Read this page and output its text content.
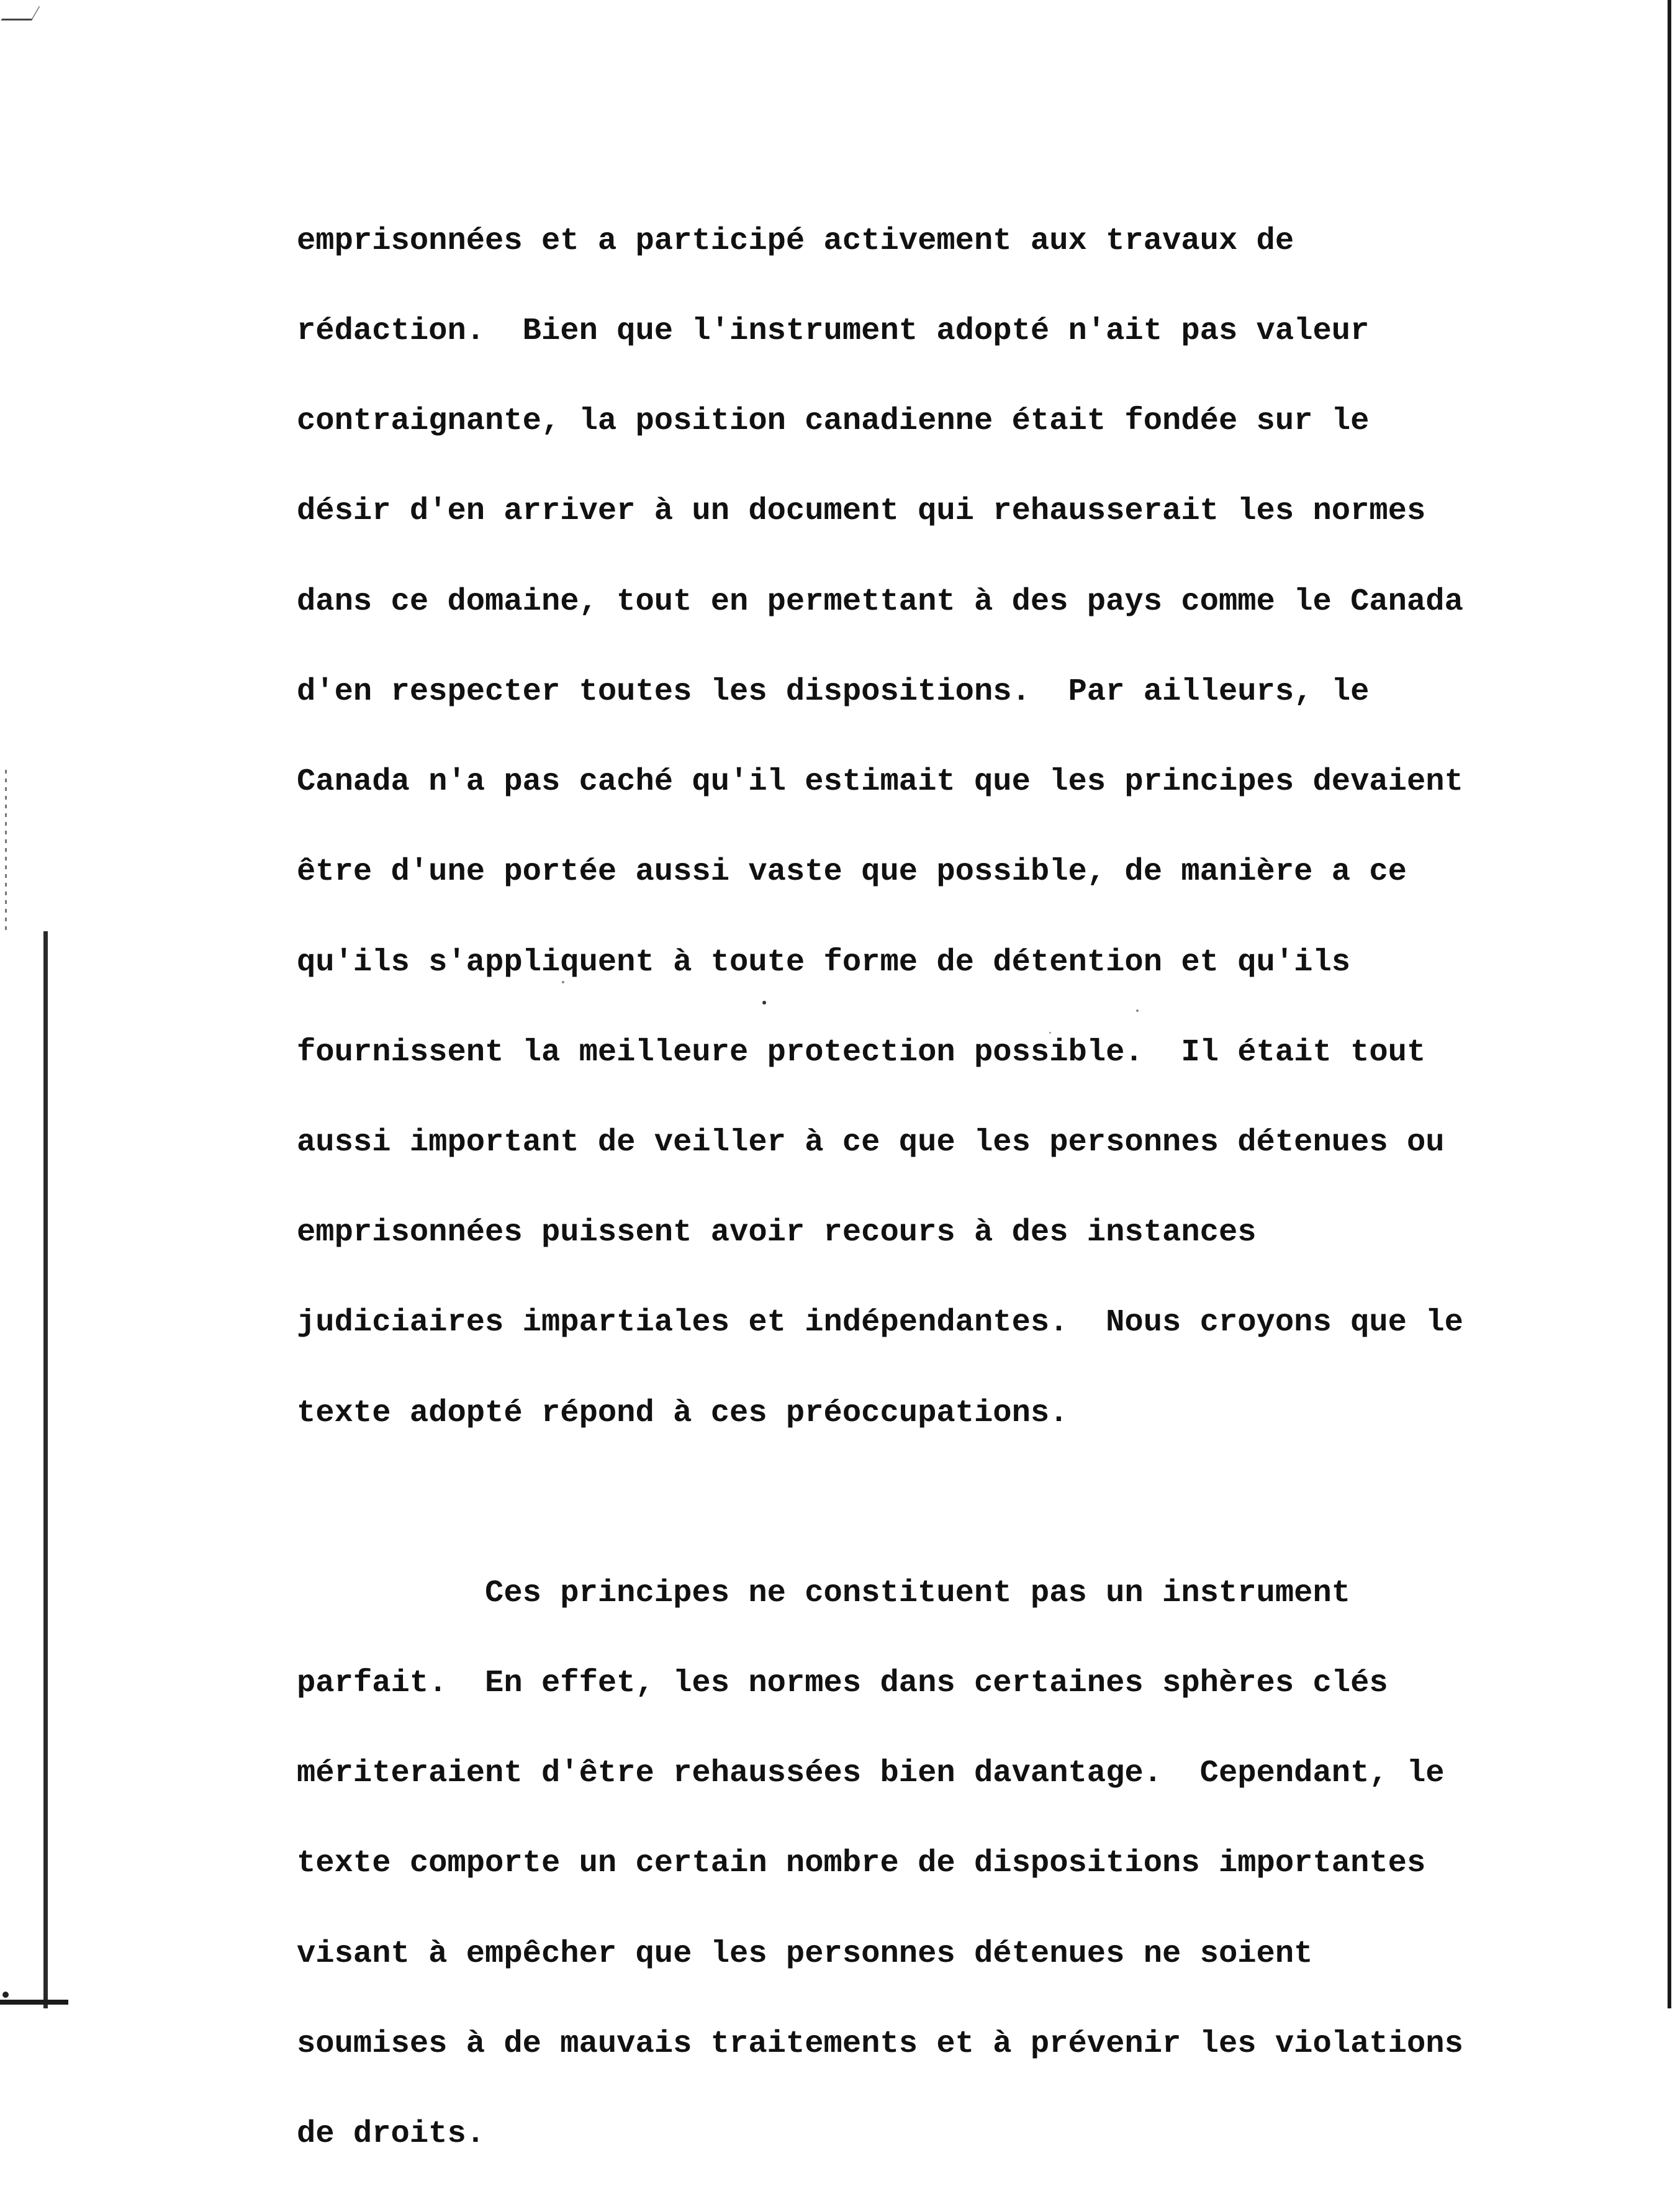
emprisonnées et a participé activement aux travaux de

rédaction.  Bien que l'instrument adopté n'ait pas valeur

contraignante, la position canadienne était fondée sur le

désir d'en arriver à un document qui rehausserait les normes

dans ce domaine, tout en permettant à des pays comme le Canada

d'en respecter toutes les dispositions.  Par ailleurs, le

Canada n'a pas caché qu'il estimait que les principes devaient

être d'une portée aussi vaste que possible, de manière a ce

qu'ils s'appliquent à toute forme de détention et qu'ils

fournissent la meilleure protection possible.  Il était tout

aussi important de veiller à ce que les personnes détenues ou

emprisonnées puissent avoir recours à des instances

judiciaires impartiales et indépendantes.  Nous croyons que le

texte adopté répond à ces préoccupations.

Ces principes ne constituent pas un instrument

parfait.  En effet, les normes dans certaines sphères clés

mériteraient d'être rehaussées bien davantage.  Cependant, le

texte comporte un certain nombre de dispositions importantes

visant à empêcher que les personnes détenues ne soient

soumises à de mauvais traitements et à prévenir les violations

de droits.
